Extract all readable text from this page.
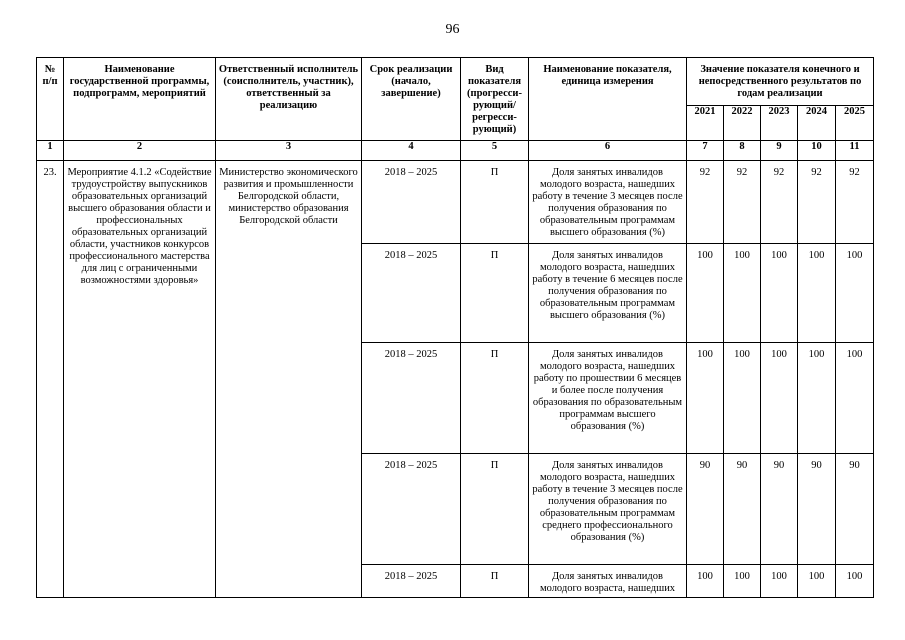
96
№ п/п	Наименование государственной программы, подпрограмм, мероприятий	Ответственный исполнитель (соисполнитель, участник), ответственный за реализацию	Срок реализации (начало, завершение)	Вид показателя (прогресси-рующий/ регресси-рующий)	Наименование показателя, единица измерения	Значение показателя конечного и непосредственного результатов по годам реализации				
						2021	2022	2023	2024	2025
1	2	3	4	5	6	7	8	9	10	11
23.	Мероприятие 4.1.2 «Содействие трудоустройству выпускников образовательных организаций высшего образования области и профессиональных образовательных организаций области, участников конкурсов профессионального мастерства для лиц с ограниченными возможностями здоровья»	Министерство экономического развития и промышленности Белгородской области, министерство образования Белгородской области	2018 – 2025	П	Доля занятых инвалидов молодого возраста, нашедших работу в течение 3 месяцев после получения образования по образовательным программам высшего образования (%)	92	92	92	92	92
			2018 – 2025	П	Доля занятых инвалидов молодого возраста, нашедших работу в течение 6 месяцев после получения образования по образовательным программам высшего образования (%)	100	100	100	100	100
			2018 – 2025	П	Доля занятых инвалидов молодого возраста, нашедших работу по прошествии 6 месяцев и более после получения образования по образовательным программам высшего образования (%)	100	100	100	100	100
			2018 – 2025	П	Доля занятых инвалидов молодого возраста, нашедших работу в течение 3 месяцев после получения образования по образовательным программам среднего профессионального образования (%)	90	90	90	90	90
			2018 – 2025	П	Доля занятых инвалидов молодого возраста, нашедших	100	100	100	100	100
